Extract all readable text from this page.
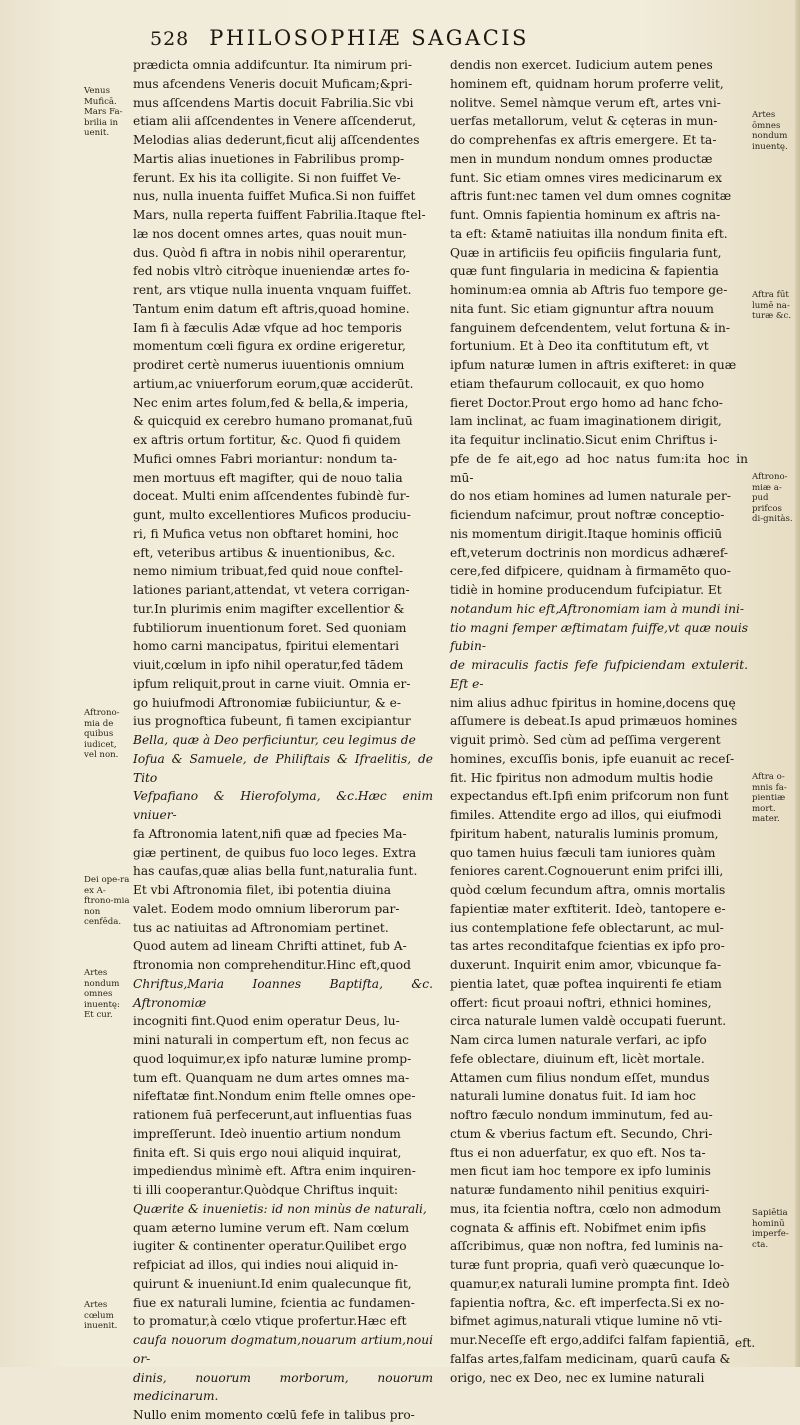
528 PHILOSOPHIÆ SAGACIS

prædicta omnia addifcuntur. Ita nimirum pri-

mus afcendens Veneris docuit Muficam;&pri-

mus aſſcendens Martis docuit Fabrilia.Sic vbi

etiam alii aſſcendentes in Venere aſſcenderut,

Melodias alias dederunt,ficut alij aſſcendentes

Martis alias inuetiones in Fabrilibus promp-

ferunt. Ex his ita colligite. Si non fuiffet Ve-

nus, nulla inuenta fuiffet Mufica.Si non fuiffet

Mars, nulla reperta fuiffent Fabrilia.Itaque ftel-

læ nos docent omnes artes, quas nouit mun-

dus. Quòd fi aftra in nobis nihil operarentur,

fed nobis vltrò citròque inueniendæ artes fo-

rent, ars vtique nulla inuenta vnquam fuiffet.

Tantum enim datum eft aftris,quoad homine.

Iam fi à fæculis Adæ vfque ad hoc temporis

momentum cœli figura ex ordine erigeretur,

prodiret certè numerus iuuentionis omnium

artium,ac vniuerforum eorum,quæ acciderūt.

Nec enim artes folum,fed & bella,& imperia,

& quicquid ex cerebro humano promanat,fuū

ex aftris ortum fortitur, &c. Quod fi quidem

Mufici omnes Fabri moriantur: nondum ta-

men mortuus eft magifter, qui de nouo talia

doceat. Multi enim aſſcendentes fubindè fur-

gunt, multo excellentiores Muficos produciu-

ri, fi Mufica vetus non obftaret homini, hoc

eft, veteribus artibus & inuentionibus, &c.

nemo nimium tribuat,fed quid noue conftel-

lationes pariant,attendat, vt vetera corrigan-

tur.In plurimis enim magifter excellentior &

fubtiliorum inuentionum foret. Sed quoniam

homo carni mancipatus, fpiritui elementari

viuit,cœlum in ipfo nihil operatur,fed tādem

ipfum reliquit,prout in carne viuit. Omnia er-

go huiufmodi Aftronomiæ fubiiciuntur, & e-

ius prognoftica fubeunt, fi tamen excipiantur

Bella, quæ à Deo perficiuntur, ceu legimus de

Iofua & Samuele, de Philiftais & Ifraelitis, de Tito

Vefpafiano & Hierofolyma, &c.Hæc enim vniuer-

fa Aftronomia latent,nifi quæ ad fpecies Ma-

giæ pertinent, de quibus fuo loco leges. Extra

has caufas,quæ alias bella funt,naturalia funt.

Et vbi Aftronomia filet, ibi potentia diuina

valet. Eodem modo omnium liberorum par-

tus ac natiuitas ad Aftronomiam pertinet.

Quod autem ad lineam Chrifti attinet, fub A-

ftronomia non comprehenditur.Hinc eft,quod

Chriftus,Maria Ioannes Baptifta, &c. Aftronomiæ

incogniti fint.Quod enim operatur Deus, lu-

mini naturali in compertum eft, non fecus ac

quod loquimur,ex ipfo naturæ lumine promp-

tum eft. Quanquam ne dum artes omnes ma-

nifeftatæ fint.Nondum enim ftelle omnes ope-

rationem fuā perfecerunt,aut influentias fuas

impreſſerunt. Ideò inuentio artium nondum

finita eft. Si quis ergo noui aliquid inquirat,

impediendus mìnimè eft. Aftra enim inquiren-

ti illi cooperantur.Quòdque Chriftus inquit:

Quærite & inuenietis: id non minùs de naturali,

quam æterno lumine verum eft. Nam cœlum

iugiter & continenter operatur.Quilibet ergo

refpiciat ad illos, qui indies noui aliquid in-

quirunt & inueniunt.Id enim qualecunque fit,

fiue ex naturali lumine, fcientia ac fundamen-

to promatur,à cœlo vtique profertur.Hæc eft

caufa nouorum dogmatum,nouarum artium,noui or-

dinis, nouorum morborum, nouorum medicinarum.

Nullo enim momento cœlū fefe in talibus pro-

dendis non exercet. Iudicium autem penes

hominem eft, quidnam horum proferre velit,

nolitve. Semel nàmque verum eft, artes vni-

uerfas metallorum, velut & cęteras in mun-

do comprehenfas ex aftris emergere. Et ta-

men in mundum nondum omnes productæ

funt. Sic etiam omnes vires medicinarum ex

aftris funt:nec tamen vel dum omnes cognitæ

funt. Omnis fapientia hominum ex aftris na-

ta eft: &tamē natiuitas illa nondum finita eft.

Quæ in artificiis feu opificiis fingularia funt,

quæ funt fingularia in medicina & fapientia

hominum:ea omnia ab Aftris fuo tempore ge-

nita funt. Sic etiam gignuntur aftra nouum

fanguinem defcendentem, velut fortuna & in-

fortunium. Et à Deo ita conftitutum eft, vt

ipfum naturæ lumen in aftris exifteret: in quæ

etiam thefaurum collocauit, ex quo homo

fieret Doctor.Prout ergo homo ad hanc fcho-

lam inclinat, ac fuam imaginationem dirigit,

ita fequitur inclinatio.Sicut enim Chriftus i-

pfe de fe ait,ego ad hoc natus fum:ita hoc in mū-

do nos etiam homines ad lumen naturale per-

ficiendum nafcimur, prout noftræ conceptio-

nis momentum dirigit.Itaque hominis officiū

eft,veterum doctrinis non mordicus adhæref-

cere,fed difpicere, quidnam à firmamēto quo-

tidiè in homine producendum fufcipiatur. Et

notandum hic eft,Aftronomiam iam à mundi ini-

tio magni femper æftimatam fuiffe,vt quæ nouis fubin-

de miraculis factis fefe fufpiciendam extulerit. Eft e-

nim alius adhuc fpiritus in homine,docens quę

aſſumere is debeat.Is apud primæuos homines

viguit primò. Sed cùm ad peſſima vergerent

homines, excuſſis bonis, ipfe euanuit ac receſ-

fit. Hic fpiritus non admodum multis hodie

expectandus eft.Ipfi enim prifcorum non funt

fimiles. Attendite ergo ad illos, qui eiufmodi

fpiritum habent, naturalis luminis promum,

quo tamen huius fæculi tam iuniores quàm

feniores carent.Cognouerunt enim prifci illi,

quòd cœlum fecundum aftra, omnis mortalis

fapientiæ mater exftiterit. Ideò, tantopere e-

ius contemplatione fefe oblectarunt, ac mul-

tas artes reconditafque fcientias ex ipfo pro-

duxerunt. Inquirit enim amor, vbicunque fa-

pientia latet, quæ poftea inquirenti fe etiam

offert: ficut proaui noftri, ethnici homines,

circa naturale lumen valdè occupati fuerunt.

Nam circa lumen naturale verfari, ac ipfo

fefe oblectare, diuinum eft, licèt mortale.

Attamen cum filius nondum eſſet, mundus

naturali lumine donatus fuit. Id iam hoc

noftro fæculo nondum imminutum, fed au-

ctum & vberius factum eft. Secundo, Chri-

ftus ei non aduerfatur, ex quo eft. Nos ta-

men ficut iam hoc tempore ex ipfo luminis

naturæ fundamento nihil penitius exquiri-

mus, ita fcientia noftra, cœlo non admodum

cognata & affinis eft. Nobifmet enim ipfis

aſſcribimus, quæ non noftra, fed luminis na-

turæ funt propria, quafi verò quæcunque lo-

quamur,ex naturali lumine prompta fint. Ideò

fapientia noftra, &c. eft imperfecta.Si ex no-

bifmet agimus,naturali vtique lumine nō vti-

mur.Neceſſe eft ergo,addifci falfam fapientiā,

falfas artes,falfam medicinam, quarū caufa &

origo, nec ex Deo, nec ex lumine naturali

Venus Muficā. Mars Fa-brilia in uenit.
Aftrono-mia de quibus iudicet, vel non.
Dei ope-ra ex A-ftrono-mia non cenfēda.
Artes nondum omnes inuentę: Et cur.
Artes cœlum inuenit.
Artes ōmnes nondum inuentę.
Aftra fūt lumē na-turæ &c.
Aftrono-miæ a-pud prifcos di-gnitàs.
Aftra o-mnis fa-pientiæ mort. mater.
Sapiētia hominū imperfe-cta.
eft.
